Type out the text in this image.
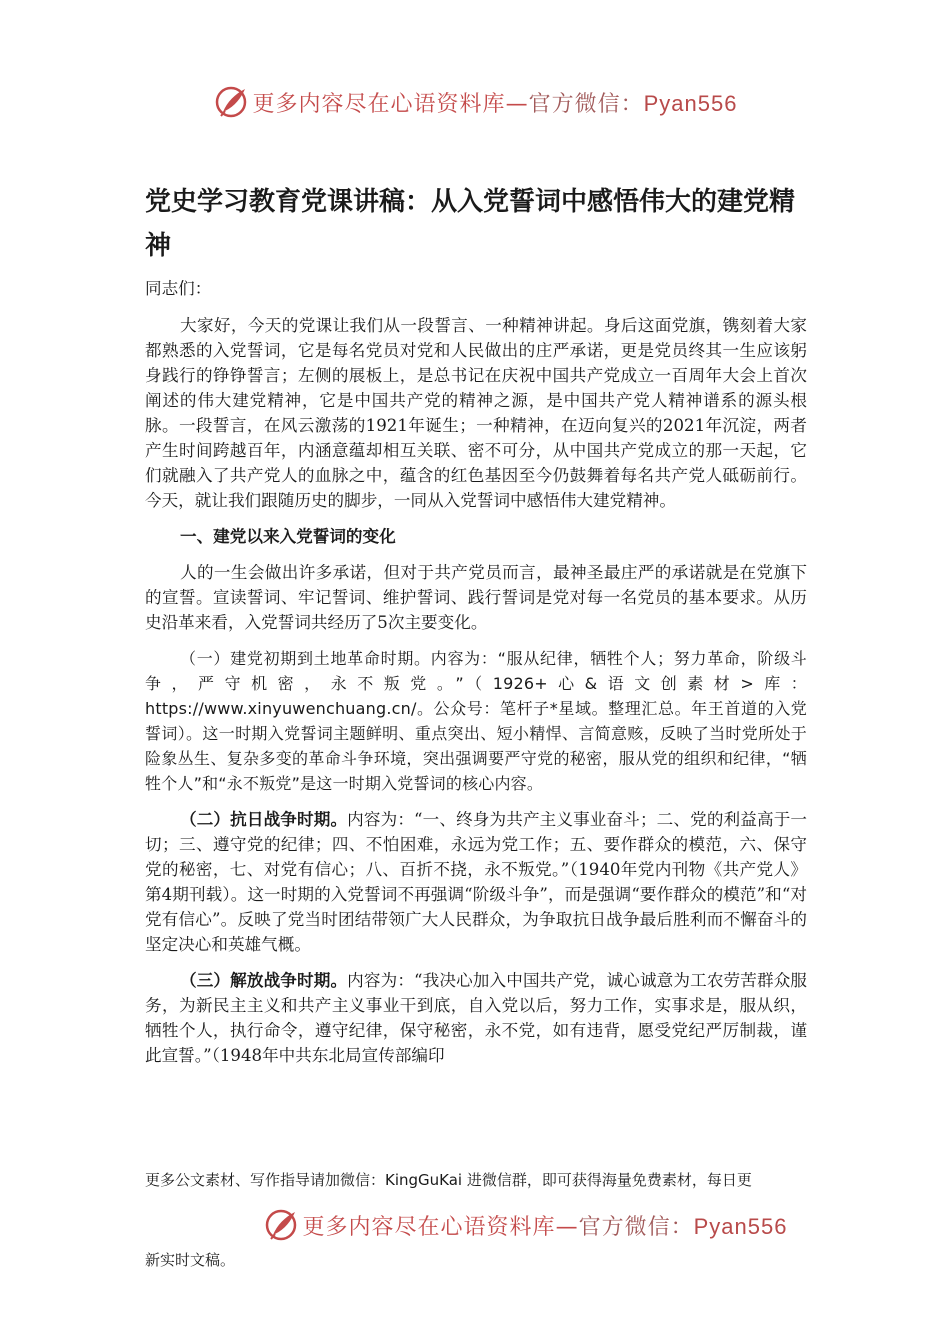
更多内容尽在心语资料库—官方微信：Pyan556
党史学习教育党课讲稿：从入党誓词中感悟伟大的建党精神

同志们：

大家好，今天的党课让我们从一段誓言、一种精神讲起。身后这面党旗，镌刻着大家都熟悉的入党誓词，它是每名党员对党和人民做出的庄严承诺，更是党员终其一生应该躬身践行的铮铮誓言；左侧的展板上，是总书记在庆祝中国共产党成立一百周年大会上首次阐述的伟大建党精神，它是中国共产党的精神之源，是中国共产党人精神谱系的源头根脉。一段誓言，在风云激荡的1921年诞生；一种精神，在迈向复兴的2021年沉淀，两者产生时间跨越百年，内涵意蕴却相互关联、密不可分，从中国共产党成立的那一天起，它们就融入了共产党人的血脉之中，蕴含的红色基因至今仍鼓舞着每名共产党人砥砺前行。今天，就让我们跟随历史的脚步，一同从入党誓词中感悟伟大建党精神。

一、建党以来入党誓词的变化

人的一生会做出许多承诺，但对于共产党员而言，最神圣最庄严的承诺就是在党旗下的宣誓。宣读誓词、牢记誓词、维护誓词、践行誓词是党对每一名党员的基本要求。从历史沿革来看，入党誓词共经历了5次主要变化。

（一）建党初期到土地革命时期。内容为：“服从纪律，牺牲个人；努力革命，阶级斗争，严守机密，永不叛党。”（1926+心&语文创素材>库：https://www.xinyuwenchuang.cn/。公众号：笔杆子*星域。整理汇总。年王首道的入党誓词）。这一时期入党誓词主题鲜明、重点突出、短小精悍、言简意赅，反映了当时党所处于险象丛生、复杂多变的革命斗争环境，突出强调要严守党的秘密，服从党的组织和纪律，“牺牲个人”和“永不叛党”是这一时期入党誓词的核心内容。

（二）抗日战争时期。内容为：“一、终身为共产主义事业奋斗；二、党的利益高于一切；三、遵守党的纪律；四、不怕困难，永远为党工作；五、要作群众的模范，六、保守党的秘密，七、对党有信心；八、百折不挠，永不叛党。”（1940年党内刊物《共产党人》第4期刊载）。这一时期的入党誓词不再强调“阶级斗争”，而是强调“要作群众的模范”和“对党有信心”。反映了党当时团结带领广大人民群众，为争取抗日战争最后胜利而不懈奋斗的坚定决心和英雄气概。

（三）解放战争时期。内容为：“我决心加入中国共产党，诚心诚意为工农劳苦群众服务，为新民主主义和共产主义事业干到底，自入党以后，努力工作，实事求是，服从织，牺牲个人，执行命令，遵守纪律，保守秘密，永不党，如有违背，愿受党纪严厉制裁，谨此宣誓。”（1948年中共东北局宣传部编印

更多公文素材、写作指导请加微信：KingGuKai 进微信群，即可获得海量免费素材，每日更
更多内容尽在心语资料库—官方微信：Pyan556
新实时文稿。
